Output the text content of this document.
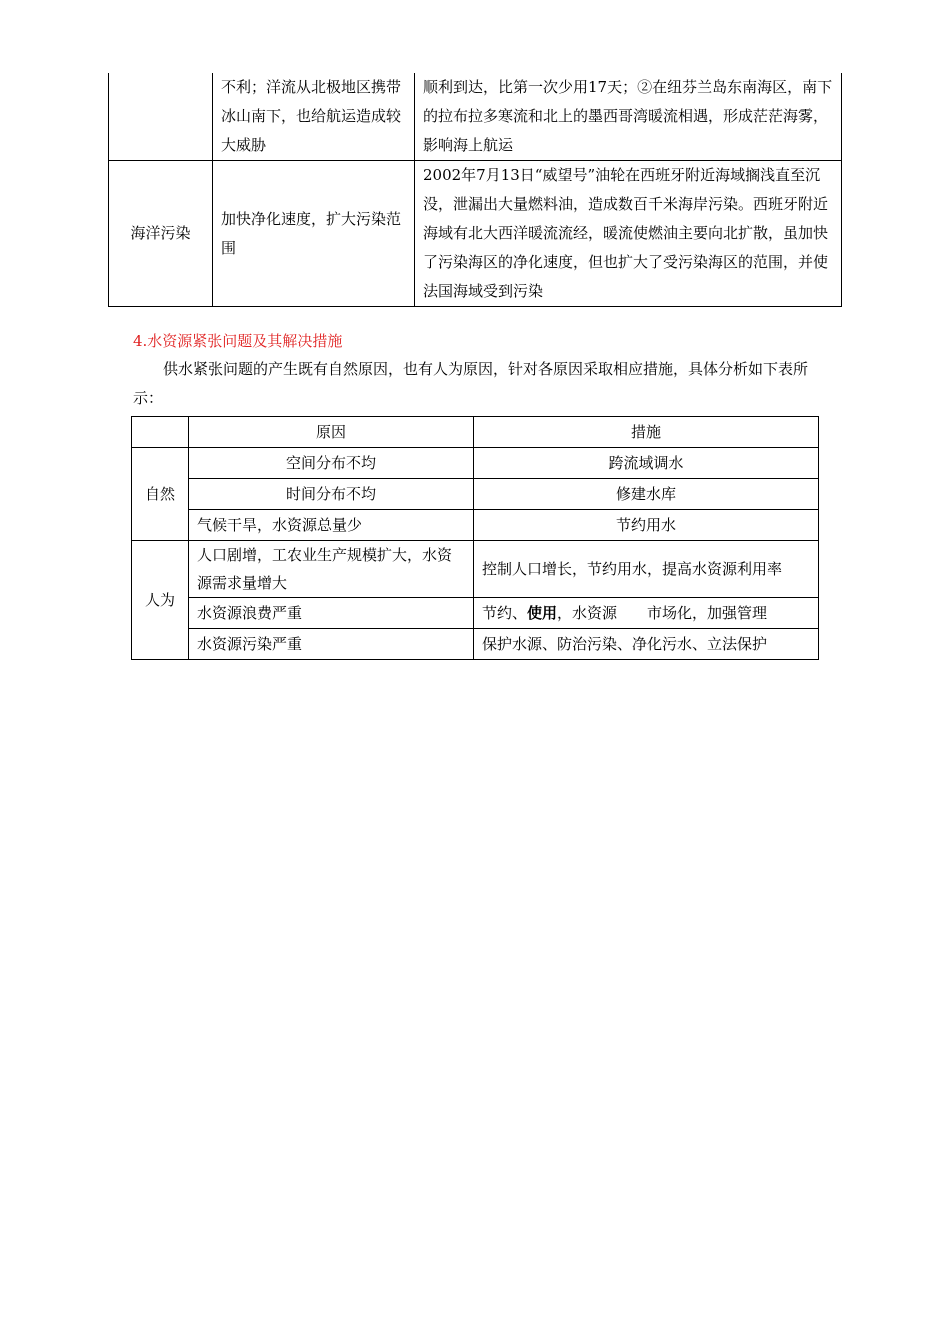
	不利；洋流从北极地区携带冰山南下，也给航运造成较大威胁	顺利到达，比第一次少用17天；②在纽芬兰岛东南海区，南下的拉布拉多寒流和北上的墨西哥湾暖流相遇，形成茫茫海雾，影响海上航运
海洋污染	加快净化速度，扩大污染范围	2002年7月13日“威望号”油轮在西班牙附近海域搁浅直至沉没，泄漏出大量燃料油，造成数百千米海岸污染。西班牙附近海域有北大西洋暖流流经，暖流使燃油主要向北扩散，虽加快了污染海区的净化速度，但也扩大了受污染海区的范围，并使法国海域受到污染
4.水资源紧张问题及其解决措施
供水紧张问题的产生既有自然原因，也有人为原因，针对各原因采取相应措施，具体分析如下表所示：
	原因	措施
自然	空间分布不均	跨流域调水
	时间分布不均	修建水库
	气候干旱，水资源总量少	节约用水
人为	人口剧增，工农业生产规模扩大，水资源需求量增大	控制人口增长，节约用水，提高水资源利用率
	水资源浪费严重	节约、使用，水资源　　市场化，加强管理
	水资源污染严重	保护水源、防治污染、净化污水、立法保护
